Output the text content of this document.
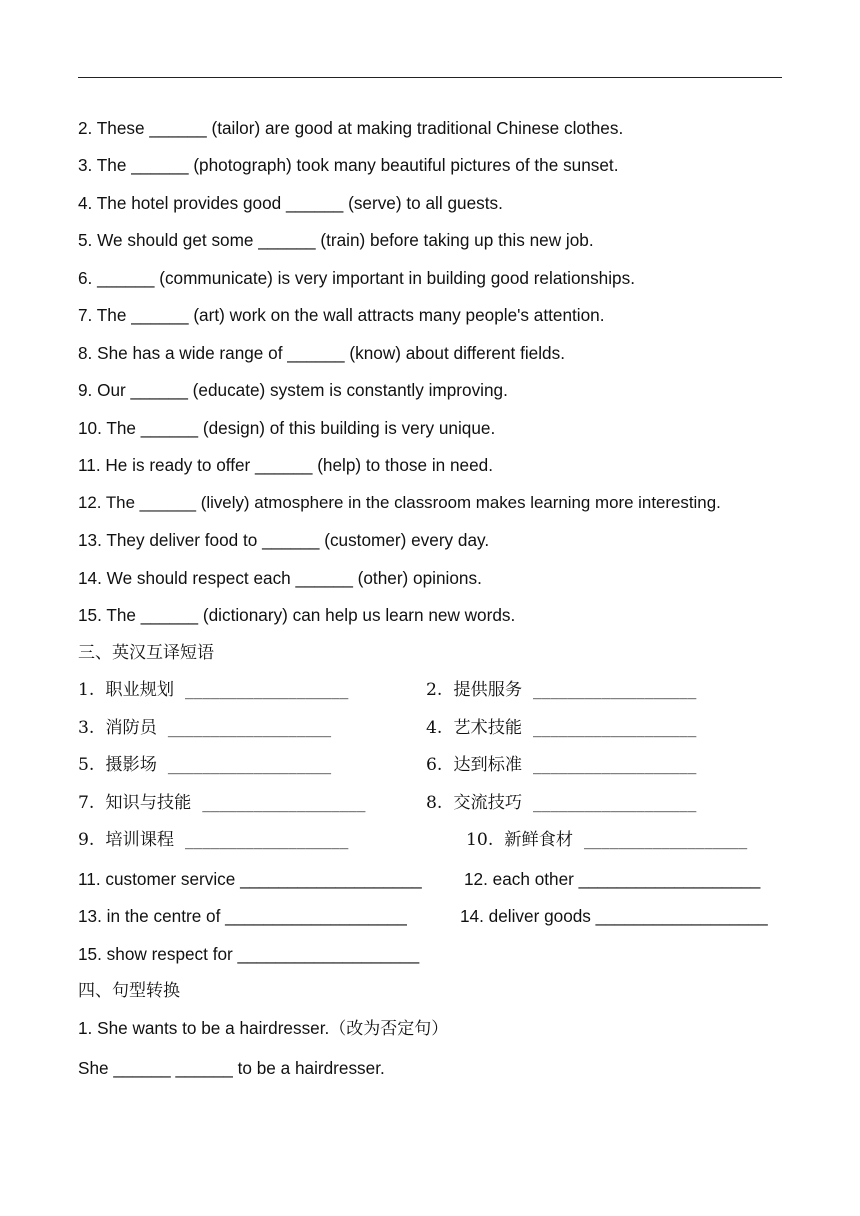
2. These ______ (tailor) are good at making traditional Chinese clothes.
3. The ______ (photograph) took many beautiful pictures of the sunset.
4. The hotel provides good ______ (serve) to all guests.
5. We should get some ______ (train) before taking up this new job.
6. ______ (communicate) is very important in building good relationships.
7. The ______ (art) work on the wall attracts many people's attention.
8. She has a wide range of ______ (know) about different fields.
9. Our ______ (educate) system is constantly improving.
10. The ______ (design) of this building is very unique.
11. He is ready to offer ______ (help) to those in need.
12. The ______ (lively) atmosphere in the classroom makes learning more interesting.
13. They deliver food to ______ (customer) every day.
14. We should respect each ______ (other) opinions.
15. The ______ (dictionary) can help us learn new words.
三、英汉互译短语
1.  职业规划  ___________________	2.  提供服务  ___________________
3.  消防员  ___________________	4.  艺术技能  ___________________
5.  摄影场  ___________________	6.  达到标准  ___________________
7.  知识与技能  ___________________	8.  交流技巧  ___________________
9.  培训课程  ___________________	10.  新鲜食材  ___________________
11. customer service ___________________ 12. each other ___________________
13. in the centre of ___________________	14. deliver goods __________________
15. show respect for ___________________
四、句型转换
1. She wants to be a hairdresser.（改为否定句）
She ______ ______ to be a hairdresser.
